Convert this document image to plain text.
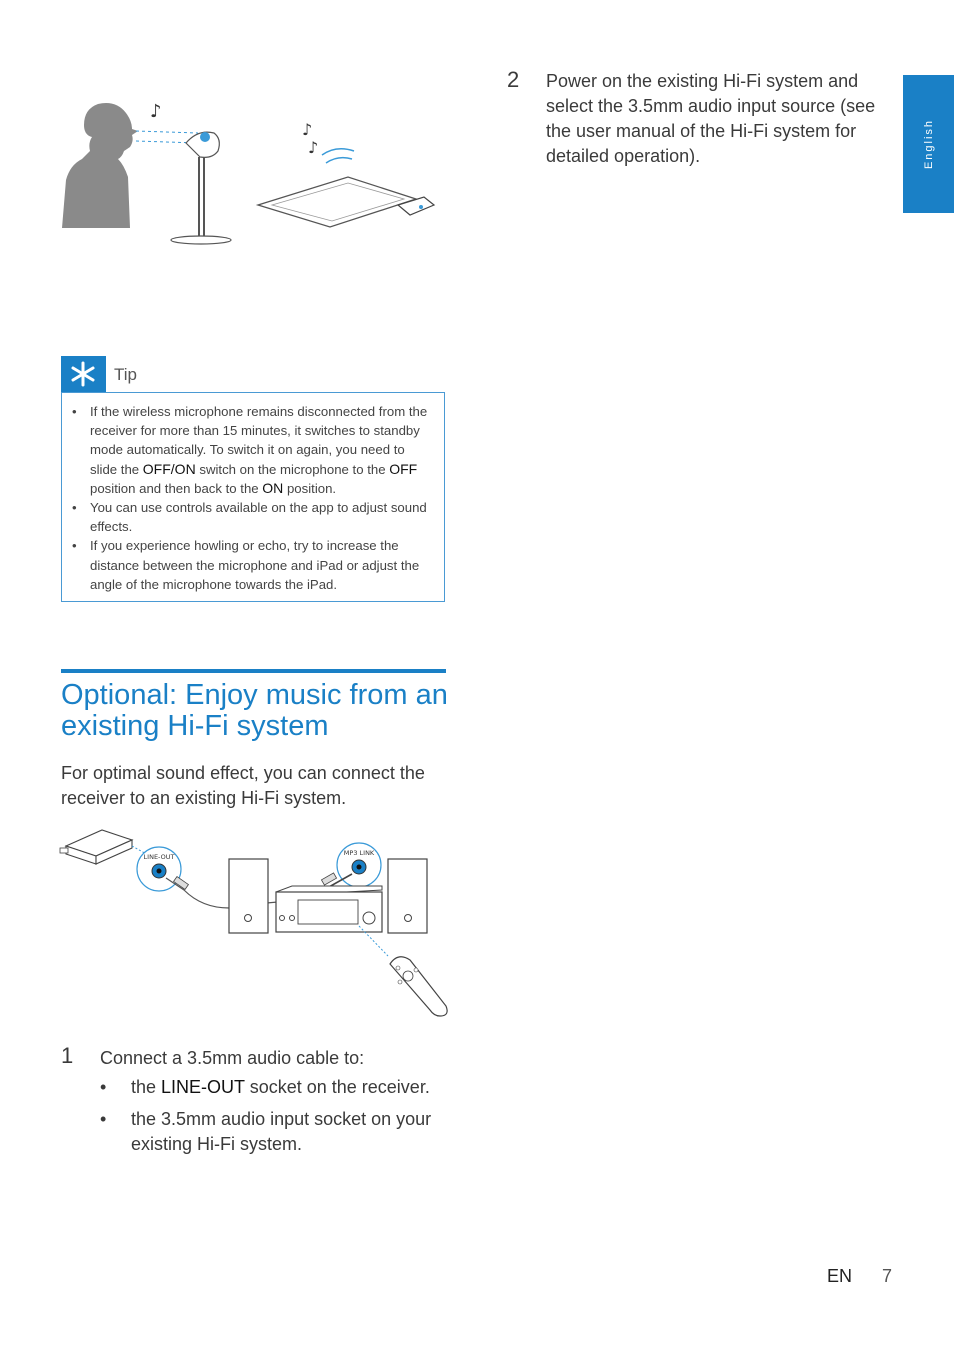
English
♪
♪
♪
2 Power on the existing Hi-Fi system and select the 3.5mm audio input source (see the user manual of the Hi-Fi system for detailed operation).
Tip
• If the wireless microphone remains disconnected from the receiver for more than 15 minutes, it switches to standby mode automatically. To switch it on again, you need to slide the OFF/ON switch on the microphone to the OFF position and then back to the ON position.
• You can use controls available on the app to adjust sound effects.
• If you experience howling or echo, try to increase the distance between the microphone and iPad or adjust the angle of the microphone towards the iPad.
Optional: Enjoy music from an existing Hi-Fi system
For optimal sound effect, you can connect the receiver to an existing Hi-Fi system.
LINE-OUT	MP3 LINK
1 Connect a 3.5mm audio cable to:
• the LINE-OUT socket on the receiver.
• the 3.5mm audio input socket on your existing Hi-Fi system.
EN 7
